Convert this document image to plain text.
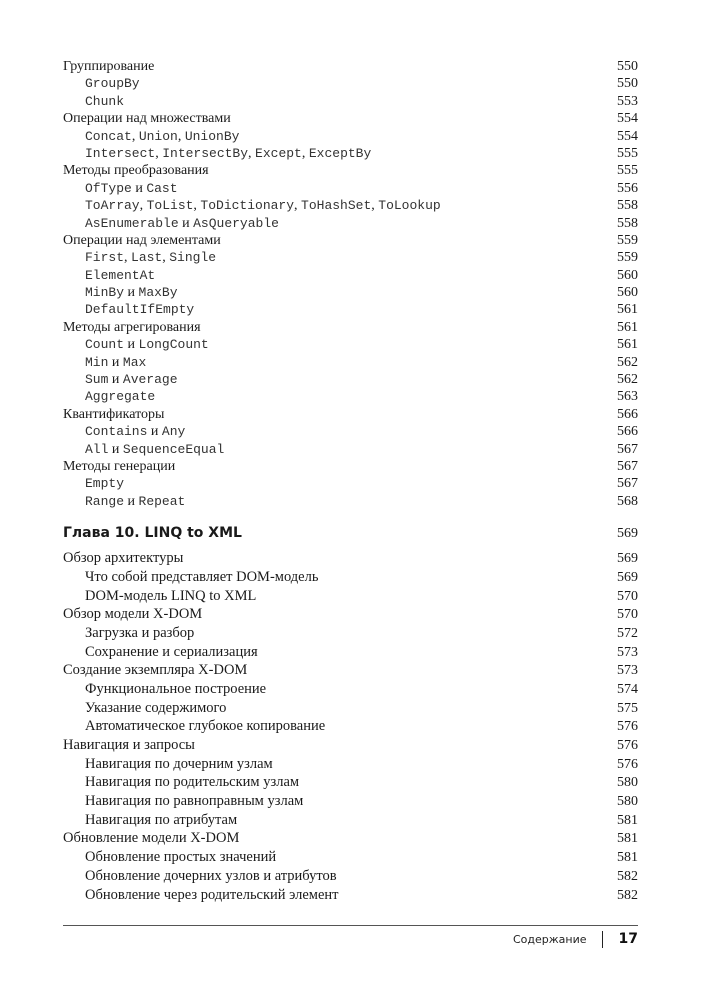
Группирование	550
GroupBy	550
Chunk	553
Операции над множествами	554
Concat, Union, UnionBy	554
Intersect, IntersectBy, Except, ExceptBy	555
Методы преобразования	555
OfType и Cast	556
ToArray, ToList, ToDictionary, ToHashSet, ToLookup	558
AsEnumerable и AsQueryable	558
Операции над элементами	559
First, Last, Single	559
ElementAt	560
MinBy и MaxBy	560
DefaultIfEmpty	561
Методы агрегирования	561
Count и LongCount	561
Min и Max	562
Sum и Average	562
Aggregate	563
Квантификаторы	566
Contains и Any	566
All и SequenceEqual	567
Методы генерации	567
Empty	567
Range и Repeat	568
Глава 10. LINQ to XML	569
Обзор архитектуры	569
Что собой представляет DOM-модель	569
DOM-модель LINQ to XML	570
Обзор модели X-DOM	570
Загрузка и разбор	572
Сохранение и сериализация	573
Создание экземпляра X-DOM	573
Функциональное построение	574
Указание содержимого	575
Автоматическое глубокое копирование	576
Навигация и запросы	576
Навигация по дочерним узлам	576
Навигация по родительским узлам	580
Навигация по равноправным узлам	580
Навигация по атрибутам	581
Обновление модели X-DOM	581
Обновление простых значений	581
Обновление дочерних узлов и атрибутов	582
Обновление через родительский элемент	582
Содержание 17
